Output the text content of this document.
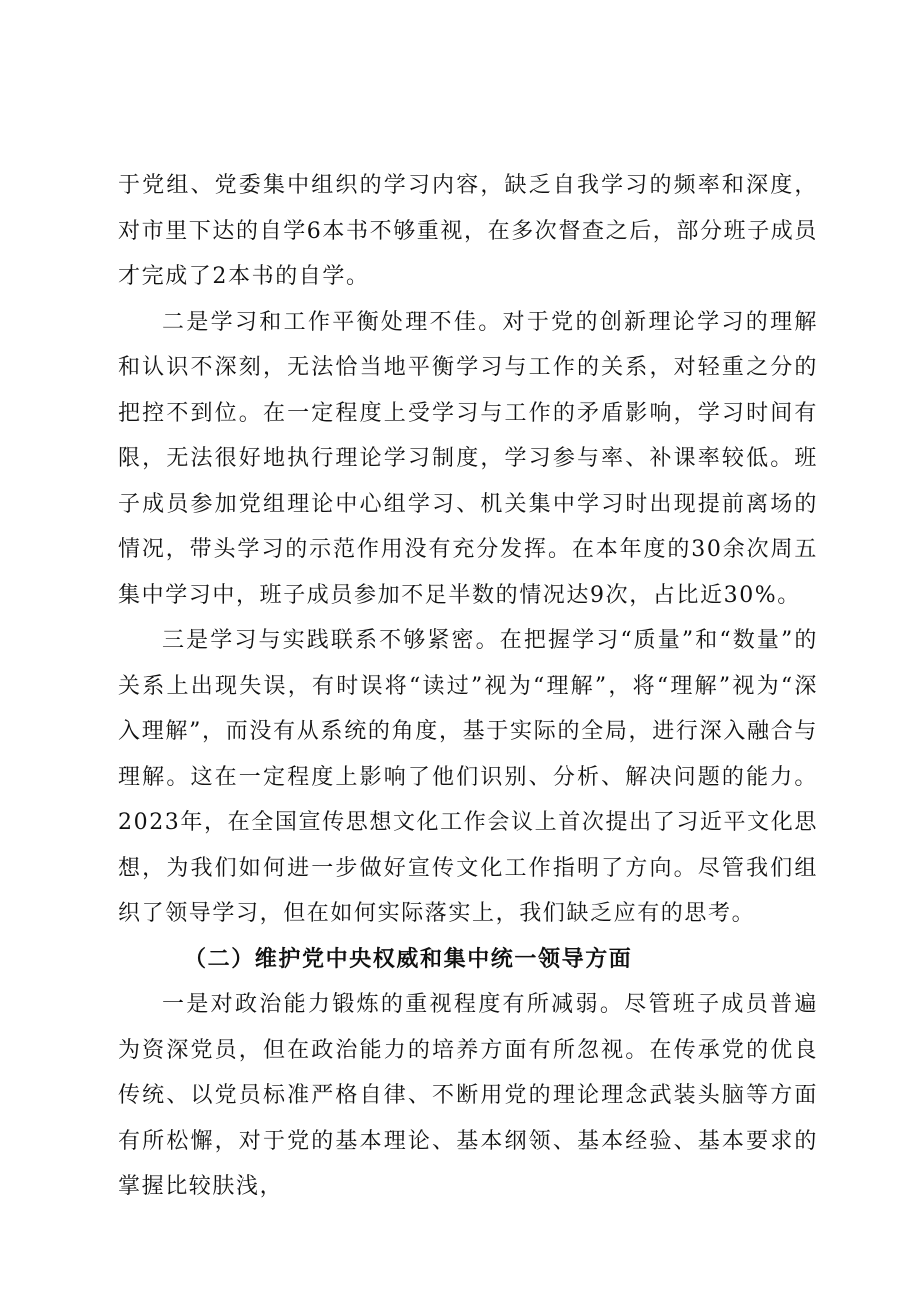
于党组、党委集中组织的学习内容，缺乏自我学习的频率和深度，对市里下达的自学6本书不够重视，在多次督查之后，部分班子成员才完成了2本书的自学。

二是学习和工作平衡处理不佳。对于党的创新理论学习的理解和认识不深刻，无法恰当地平衡学习与工作的关系，对轻重之分的把控不到位。在一定程度上受学习与工作的矛盾影响，学习时间有限，无法很好地执行理论学习制度，学习参与率、补课率较低。班子成员参加党组理论中心组学习、机关集中学习时出现提前离场的情况，带头学习的示范作用没有充分发挥。在本年度的30余次周五集中学习中，班子成员参加不足半数的情况达9次，占比近30%。

三是学习与实践联系不够紧密。在把握学习“质量”和“数量”的关系上出现失误，有时误将“读过”视为“理解”，将“理解”视为“深入理解”，而没有从系统的角度，基于实际的全局，进行深入融合与理解。这在一定程度上影响了他们识别、分析、解决问题的能力。2023年，在全国宣传思想文化工作会议上首次提出了习近平文化思想，为我们如何进一步做好宣传文化工作指明了方向。尽管我们组织了领导学习，但在如何实际落实上，我们缺乏应有的思考。

（二）维护党中央权威和集中统一领导方面

一是对政治能力锻炼的重视程度有所减弱。尽管班子成员普遍为资深党员，但在政治能力的培养方面有所忽视。在传承党的优良传统、以党员标准严格自律、不断用党的理论理念武装头脑等方面有所松懈，对于党的基本理论、基本纲领、基本经验、基本要求的掌握比较肤浅，
